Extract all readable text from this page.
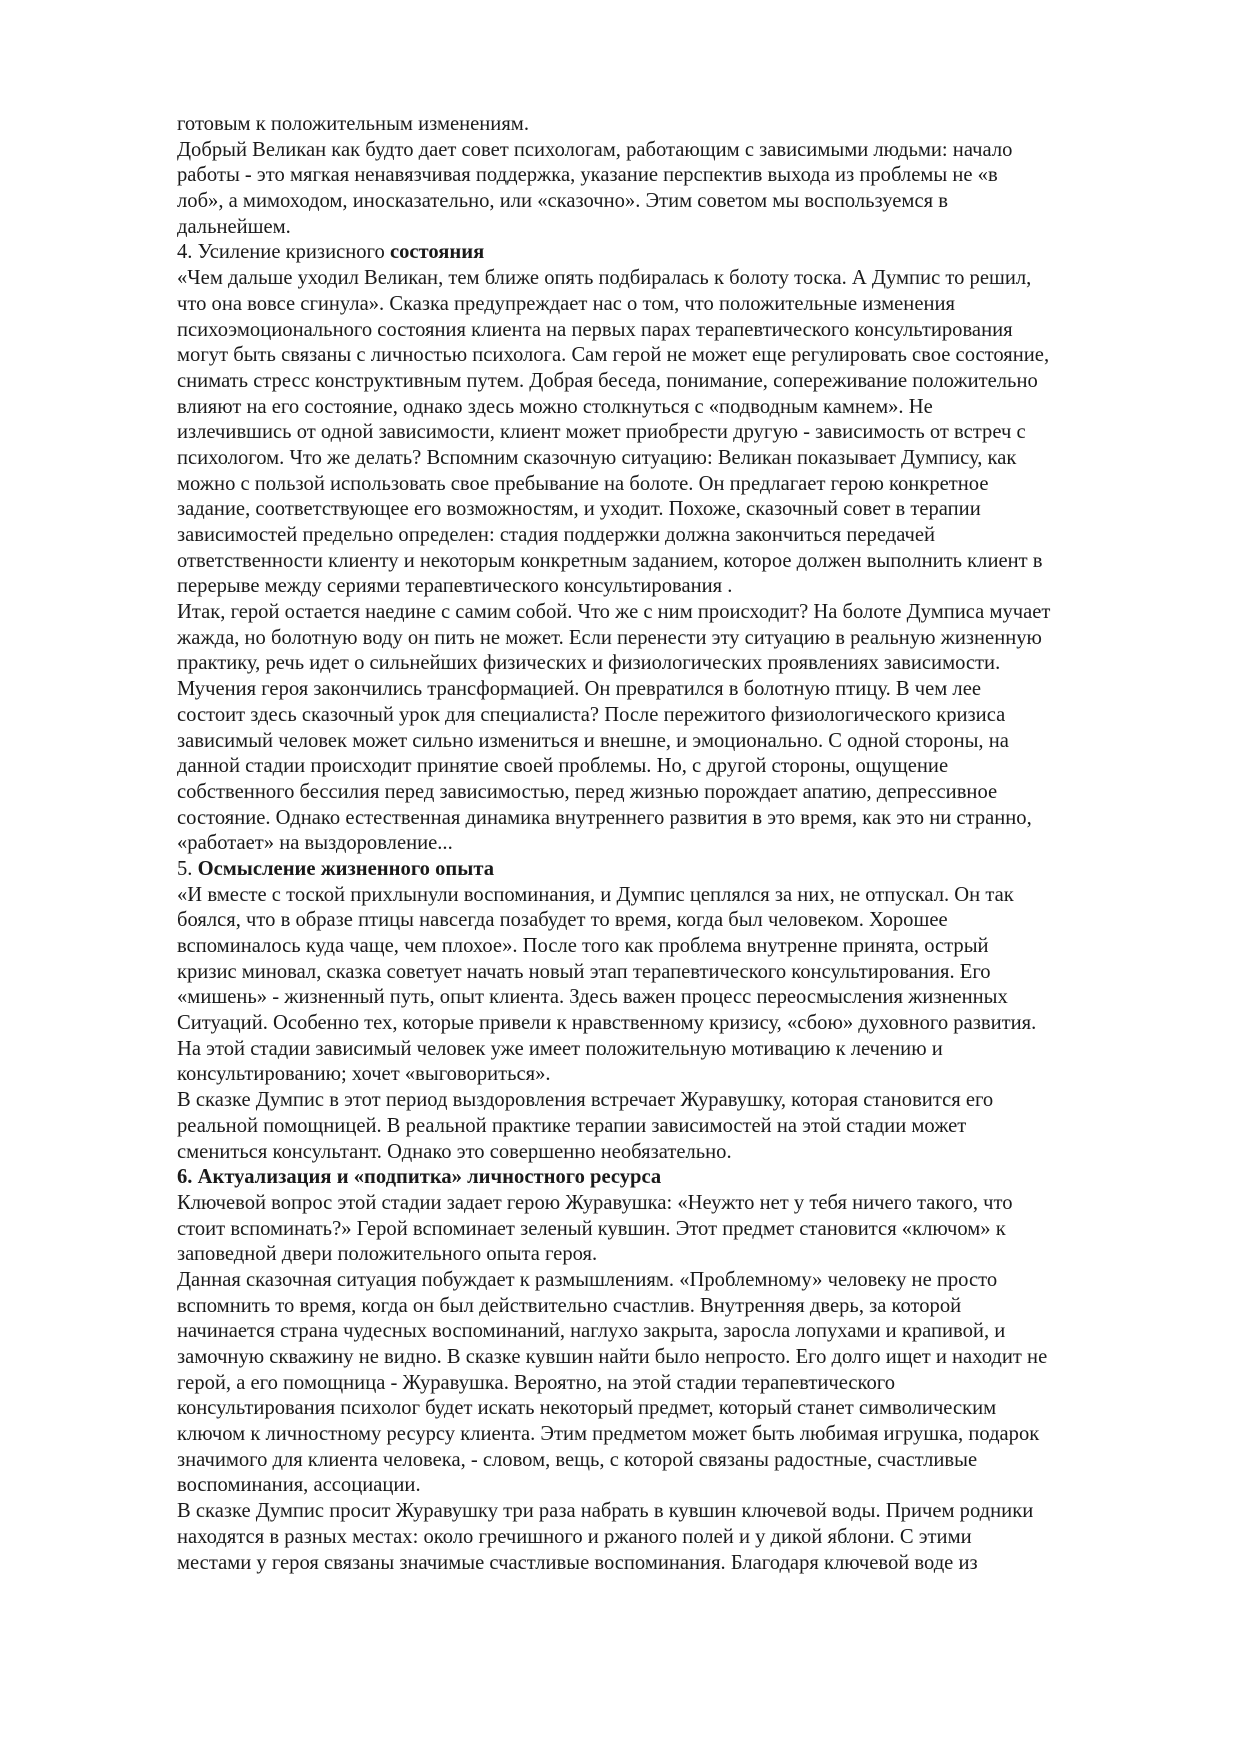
готовым к положительным изменениям.
Добрый Великан как будто дает совет психологам, работающим с зависимыми людьми: начало
работы - это мягкая ненавязчивая поддержка, указание перспектив выхода из проблемы не «в
лоб», а мимоходом, иносказательно, или «сказочно». Этим советом мы воспользуемся в
дальнейшем.
4. Усиление кризисного состояния
«Чем дальше уходил Великан, тем ближе опять подбиралась к болоту тоска. А Думпис то решил,
что она вовсе сгинула». Сказка предупреждает нас о том, что положительные изменения
психоэмоционального состояния клиента на первых парах терапевтического консультирования
могут быть связаны с личностью психолога. Сам герой не может еще регулировать свое состояние,
снимать стресс конструктивным путем. Добрая беседа, понимание, сопереживание положительно
влияют на его состояние, однако здесь можно столкнуться с «подводным камнем». Не
излечившись от одной зависимости, клиент может приобрести другую - зависимость от встреч с
психологом. Что же делать? Вспомним сказочную ситуацию: Великан показывает Думпису, как
можно с пользой использовать свое пребывание на болоте. Он предлагает герою конкретное
задание, соответствующее его возможностям, и уходит. Похоже, сказочный совет в терапии
зависимостей предельно определен: стадия поддержки должна закончиться передачей
ответственности клиенту и некоторым конкретным заданием, которое должен выполнить клиент в
перерыве между сериями терапевтического консультирования .
Итак, герой остается наедине с самим собой. Что же с ним происходит? На болоте Думписа мучает
жажда, но болотную воду он пить не может. Если перенести эту ситуацию в реальную жизненную
практику, речь идет о сильнейших физических и физиологических проявлениях зависимости.
Мучения героя закончились трансформацией. Он превратился в болотную птицу. В чем лее
состоит здесь сказочный урок для специалиста? После пережитого физиологического кризиса
зависимый человек может сильно измениться и внешне, и эмоционально. С одной стороны, на
данной стадии происходит принятие своей проблемы. Но, с другой стороны, ощущение
собственного бессилия перед зависимостью, перед жизнью порождает апатию, депрессивное
состояние. Однако естественная динамика внутреннего развития в это время, как это ни странно,
«работает» на выздоровление...
5. Осмысление жизненного опыта
«И вместе с тоской прихлынули воспоминания, и Думпис цеплялся за них, не отпускал. Он так
боялся, что в образе птицы навсегда позабудет то время, когда был человеком. Хорошее
вспоминалось куда чаще, чем плохое». После того как проблема внутренне принята, острый
кризис миновал, сказка советует начать новый этап терапевтического консультирования. Его
«мишень» - жизненный путь, опыт клиента. Здесь важен процесс переосмысления жизненных
Ситуаций. Особенно тех, которые привели к нравственному кризису, «сбою» духовного развития.
На этой стадии зависимый человек уже имеет положительную мотивацию к лечению и
консультированию; хочет «выговориться».
В сказке Думпис в этот период выздоровления встречает Журавушку, которая становится его
реальной помощницей. В реальной практике терапии зависимостей на этой стадии может
смениться консультант. Однако это совершенно необязательно.
6. Актуализация и «подпитка» личностного ресурса
Ключевой вопрос этой стадии задает герою Журавушка: «Неужто нет у тебя ничего такого, что
стоит вспоминать?» Герой вспоминает зеленый кувшин. Этот предмет становится «ключом» к
заповедной двери положительного опыта героя.
Данная сказочная ситуация побуждает к размышлениям. «Проблемному» человеку не просто
вспомнить то время, когда он был действительно счастлив. Внутренняя дверь, за которой
начинается страна чудесных воспоминаний, наглухо закрыта, заросла лопухами и крапивой, и
замочную скважину не видно. В сказке кувшин найти было непросто. Его долго ищет и находит не
герой, а его помощница - Журавушка. Вероятно, на этой стадии терапевтического
консультирования психолог будет искать некоторый предмет, который станет символическим
ключом к личностному ресурсу клиента. Этим предметом может быть любимая игрушка, подарок
значимого для клиента человека, - словом, вещь, с которой связаны радостные, счастливые
воспоминания, ассоциации.
В сказке Думпис просит Журавушку три раза набрать в кувшин ключевой воды. Причем родники
находятся в разных местах: около гречишного и ржаного полей и у дикой яблони. С этими
местами у героя связаны значимые счастливые воспоминания. Благодаря ключевой воде из
